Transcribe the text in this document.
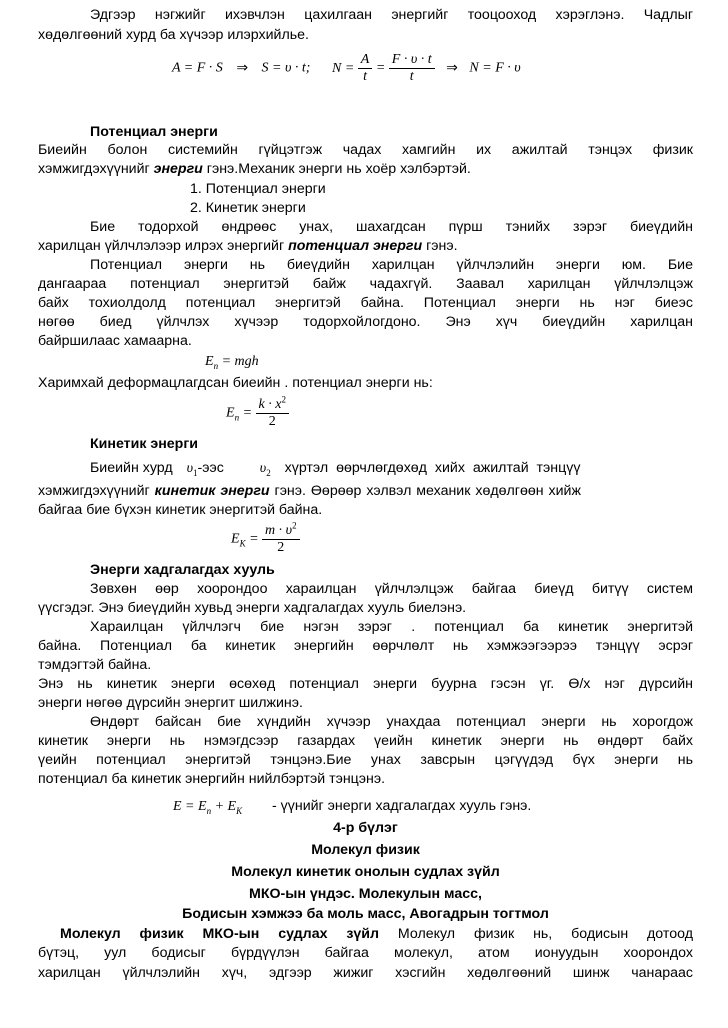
Эдгээр нэгжийг ихэвчлэн цахилгаан энергийг тооцооход хэрэглэнэ. Чадлыг
хөдөлгөөний хурд ба хүчээр илэрхийлье.
A = F · S ⇒ S = υ · t; $N = \frac{A}{t} = \frac{F \cdot \upsilon \cdot t}{t}$ ⇒ N = F · υ
Потенциал энерги
Биеийн болон системийн гүйцэтгэж чадах хамгийн их ажилтай тэнцэх физик
хэмжигдэхүүнийг энерги гэнэ.Механик энерги нь хоёр хэлбэртэй.
1. Потенциал энерги
2. Кинетик энерги
Бие тодорхой өндрөөс унах, шахагдсан пүрш тэнийх зэрэг биеүдийн
харилцан үйлчлэлээр илрэх энергийг потенциал энерги гэнэ.
Потенциал энерги нь биеүдийн харилцан үйлчлэлийн энерги юм. Бие
дангаараа потенциал энергитэй байж чадахгүй. Заавал харилцан үйлчлэлцэж
байх тохиолдолд потенциал энергитэй байна. Потенциал энерги нь нэг биеэс
нөгөө биед үйлчлэх хүчээр тодорхойлогдоно. Энэ хүч биеүдийн харилцан
байршилаас хамаарна.
$E_п$ = mgh
Харимхай деформацлагдсан биеийн . потенциал энерги нь:
$E_п = \frac{k \cdot x^2}{2}$
Кинетик энерги
Биеийн хурд $\upsilon_1$-ээс	$\upsilon_2$ хүртэл өөрчлөгдөхөд хийх ажилтай тэнцүү
хэмжигдэхүүнийг кинетик энерги гэнэ. Өөрөөр хэлвэл механик хөдөлгөөн хийж
байгаа бие бүхэн кинетик энергитэй байна.
$E_K = \frac{m \cdot \upsilon^2}{2}$
Энерги хадгалагдах хууль
Зөвхөн өөр хоорондоо хараилцан үйлчлэлцэж байгаа биеүд битүү систем
үүсгэдэг. Энэ биеүдийн хувьд энерги хадгалагдах хууль биелэнэ.
Хараилцан үйлчлэгч бие нэгэн зэрэг . потенциал ба кинетик энергитэй
байна. Потенциал ба кинетик энергийн өөрчлөлт нь хэмжээгээрээ тэнцүү эсрэг
тэмдэгтэй байна.
Энэ нь кинетик энерги өсөхөд потенциал энерги буурна гэсэн үг. Ө/х нэг дүрсийн
энерги нөгөө дүрсийн энергит шилжинэ.
Өндөрт байсан бие хүндийн хүчээр унахдаа потенциал энерги нь хорогдож
кинетик энерги нь нэмэгдсээр газардах үеийн кинетик энерги нь өндөрт байх
үеийн потенциал энергитэй тэнцэнэ.Бие унах завсрын цэгүүдэд бүх энерги нь
потенциал ба кинетик энергийн нийлбэртэй тэнцэнэ.
$E = E_п + E_K$ - үүнийг энерги хадгалагдах хууль гэнэ.
4-р бүлэг
Молекул физик
Молекул кинетик онолын судлах зүйл
МКО-ын үндэс. Молекулын масс,
Бодисын хэмжээ ба моль масс, Авогадрын тогтмол
Молекул физик МКО-ын судлах зүйл Молекул физик нь, бодисын дотоод
бүтэц, уул бодисыг бүрдүүлэн байгаа молекул, атом ионуудын хоорондох
харилцан үйлчлэлийн хүч, эдгээр жижиг хэсгийн хөдөлгөөний шинж чанараас
